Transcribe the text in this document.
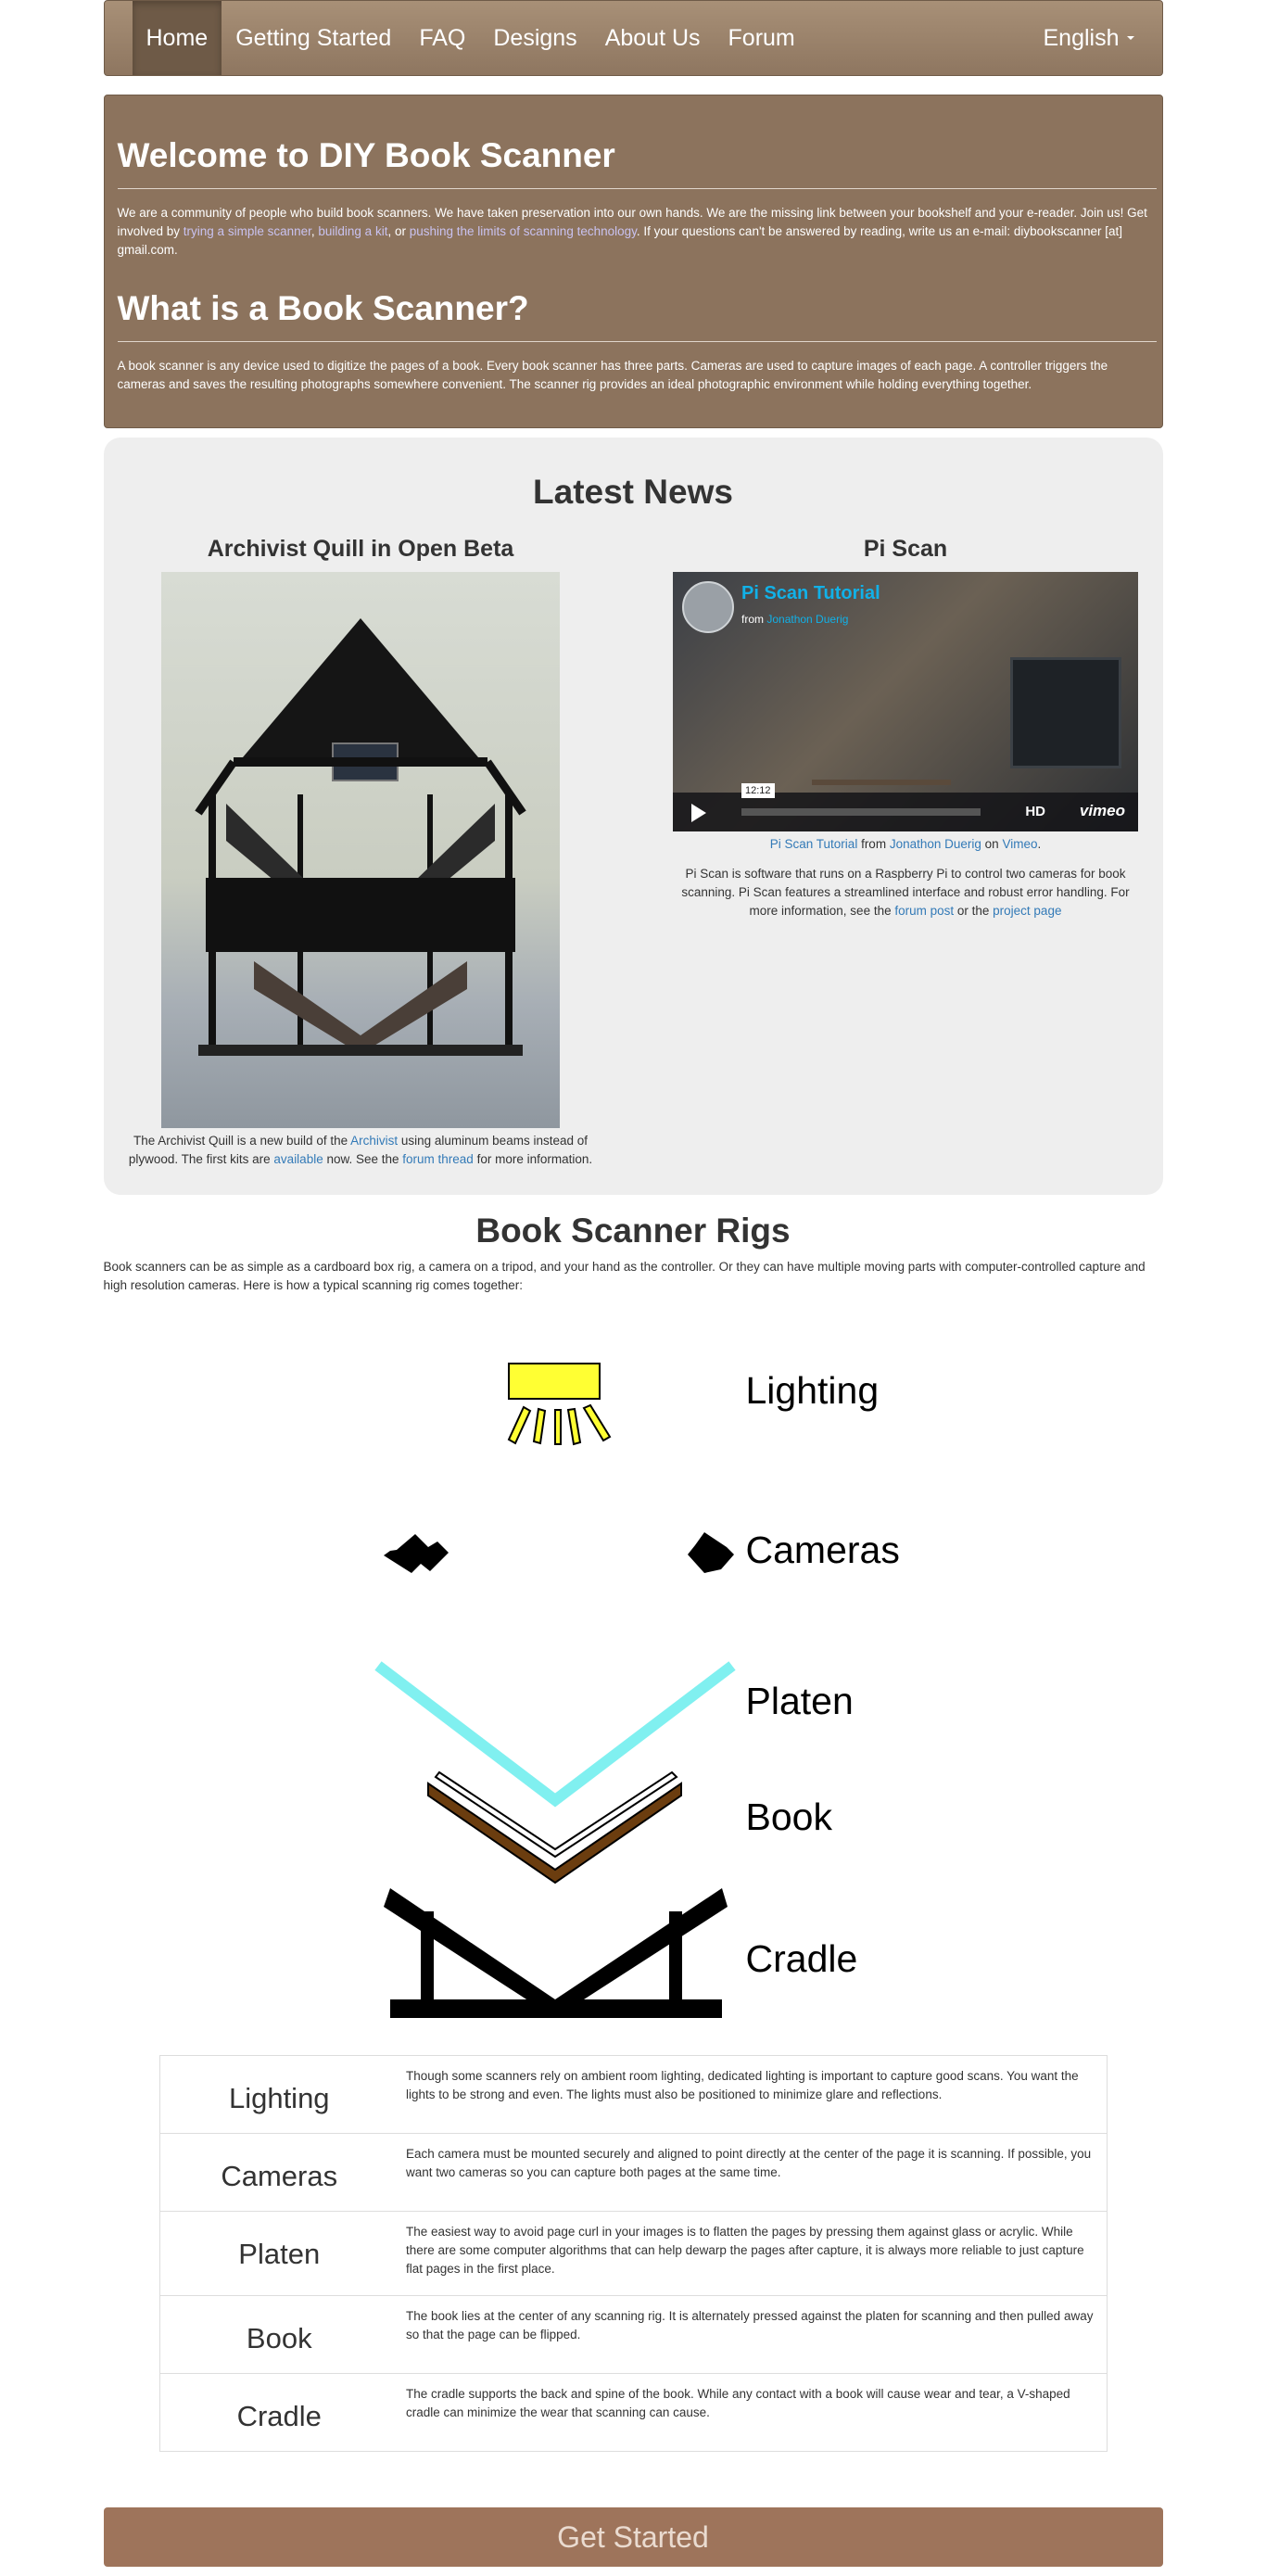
Home	Getting Started	FAQ	Designs	About Us	Forum	English
Welcome to DIY Book Scanner

We are a community of people who build book scanners. We have taken preservation into our own hands. We are the missing link between your bookshelf and your e-reader. Join us! Get involved by trying a simple scanner, building a kit, or pushing the limits of scanning technology. If your questions can't be answered by reading, write us an e-mail: diybookscanner [at] gmail.com.

What is a Book Scanner?

A book scanner is any device used to digitize the pages of a book. Every book scanner has three parts. Cameras are used to capture images of each page. A controller triggers the cameras and saves the resulting photographs somewhere convenient. The scanner rig provides an ideal photographic environment while holding everything together.

Latest News
Archivist Quill in Open Beta

The Archivist Quill is a new build of the Archivist using aluminum beams instead of plywood. The first kits are available now. See the forum thread for more information.

Pi Scan
Pi Scan Tutorial
from Jonathon Duerig
12:12
HD vimeo

Pi Scan Tutorial from Jonathon Duerig on Vimeo.

Pi Scan is software that runs on a Raspberry Pi to control two cameras for book scanning. Pi Scan features a streamlined interface and robust error handling. For more information, see the forum post or the project page

Book Scanner Rigs

Book scanners can be as simple as a cardboard box rig, a camera on a tripod, and your hand as the controller. Or they can have multiple moving parts with computer-controlled capture and high resolution cameras. Here is how a typical scanning rig comes together:

Lighting
Cameras
Platen
Book
Cradle
Lighting	Though some scanners rely on ambient room lighting, dedicated lighting is important to capture good scans. You want the lights to be strong and even. The lights must also be positioned to minimize glare and reflections.
Cameras	Each camera must be mounted securely and aligned to point directly at the center of the page it is scanning. If possible, you want two cameras so you can capture both pages at the same time.
Platen	The easiest way to avoid page curl in your images is to flatten the pages by pressing them against glass or acrylic. While there are some computer algorithms that can help dewarp the pages after capture, it is always more reliable to just capture flat pages in the first place.
Book	The book lies at the center of any scanning rig. It is alternately pressed against the platen for scanning and then pulled away so that the page can be flipped.
Cradle	The cradle supports the back and spine of the book. While any contact with a book will cause wear and tear, a V-shaped cradle can minimize the wear that scanning can cause.
Get Started
